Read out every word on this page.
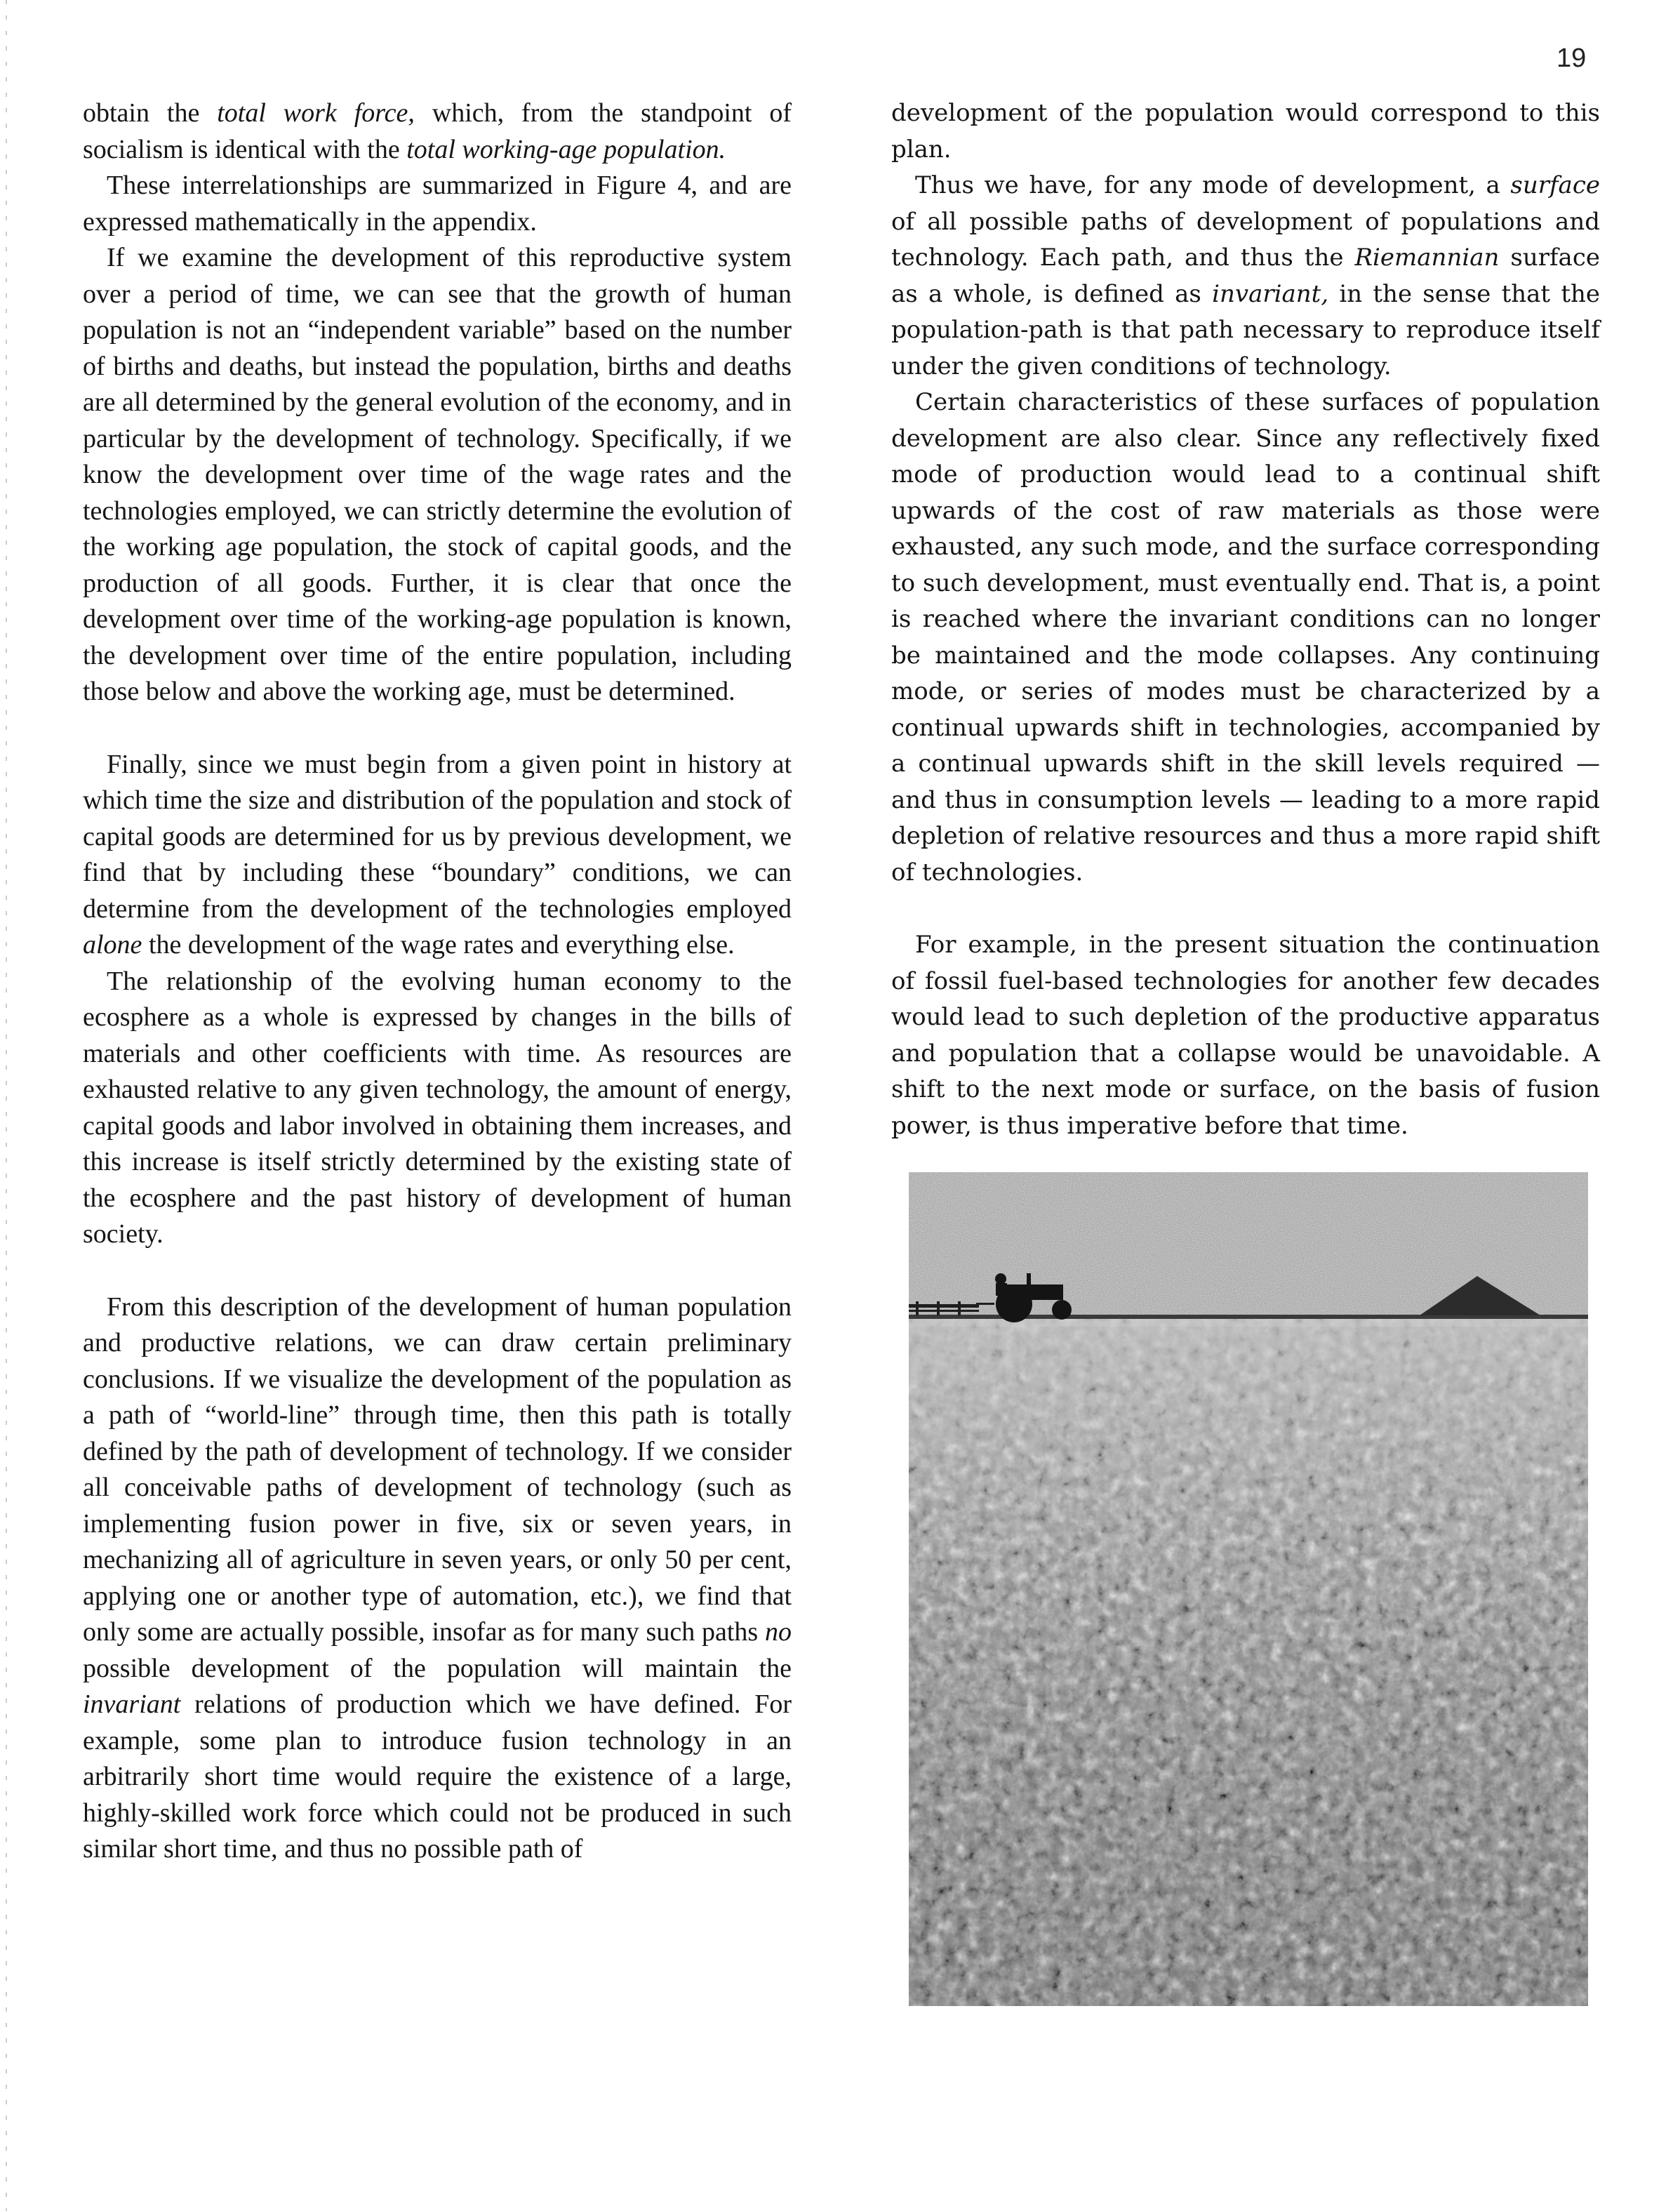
19

obtain the total work force, which, from the standpoint of socialism is identical with the total working-age population.

These interrelationships are summarized in Figure 4, and are expressed mathematically in the appendix.

If we examine the development of this reproductive system over a period of time, we can see that the growth of human population is not an “independent variable” based on the number of births and deaths, but instead the population, births and deaths are all determined by the general evolution of the economy, and in particular by the development of technology. Specifically, if we know the development over time of the wage rates and the technologies employed, we can strictly determine the evolution of the working age population, the stock of capital goods, and the production of all goods. Further, it is clear that once the development over time of the working-age population is known, the development over time of the entire population, including those below and above the working age, must be determined.

Finally, since we must begin from a given point in history at which time the size and distribution of the population and stock of capital goods are determined for us by previous development, we find that by including these “boundary” conditions, we can determine from the development of the technologies employed alone the development of the wage rates and everything else.

The relationship of the evolving human economy to the ecosphere as a whole is expressed by changes in the bills of materials and other coefficients with time. As resources are exhausted relative to any given technology, the amount of energy, capital goods and labor involved in obtaining them increases, and this increase is itself strictly determined by the existing state of the ecosphere and the past history of development of human society.

From this description of the development of human population and productive relations, we can draw certain preliminary conclusions. If we visualize the development of the population as a path of “world-line” through time, then this path is totally defined by the path of development of technology. If we consider all conceivable paths of development of technology (such as implementing fusion power in five, six or seven years, in mechanizing all of agriculture in seven years, or only 50 per cent, applying one or another type of automation, etc.), we find that only some are actually possible, insofar as for many such paths no possible development of the population will maintain the invariant relations of production which we have defined. For example, some plan to introduce fusion technology in an arbitrarily short time would require the existence of a large, highly-skilled work force which could not be produced in such similar short time, and thus no possible path of

development of the population would correspond to this plan.

Thus we have, for any mode of development, a surface of all possible paths of development of populations and technology. Each path, and thus the Riemannian surface as a whole, is defined as invariant, in the sense that the population-path is that path necessary to reproduce itself under the given conditions of technology.

Certain characteristics of these surfaces of population development are also clear. Since any reflectively fixed mode of production would lead to a continual shift upwards of the cost of raw materials as those were exhausted, any such mode, and the surface corresponding to such development, must eventually end. That is, a point is reached where the invariant conditions can no longer be maintained and the mode collapses. Any continuing mode, or series of modes must be characterized by a continual upwards shift in technologies, accompanied by a continual upwards shift in the skill levels required — and thus in consumption levels — leading to a more rapid depletion of relative resources and thus a more rapid shift of technologies.

For example, in the present situation the continuation of fossil fuel-based technologies for another few decades would lead to such depletion of the productive apparatus and population that a collapse would be unavoidable. A shift to the next mode or surface, on the basis of fusion power, is thus imperative before that time.
